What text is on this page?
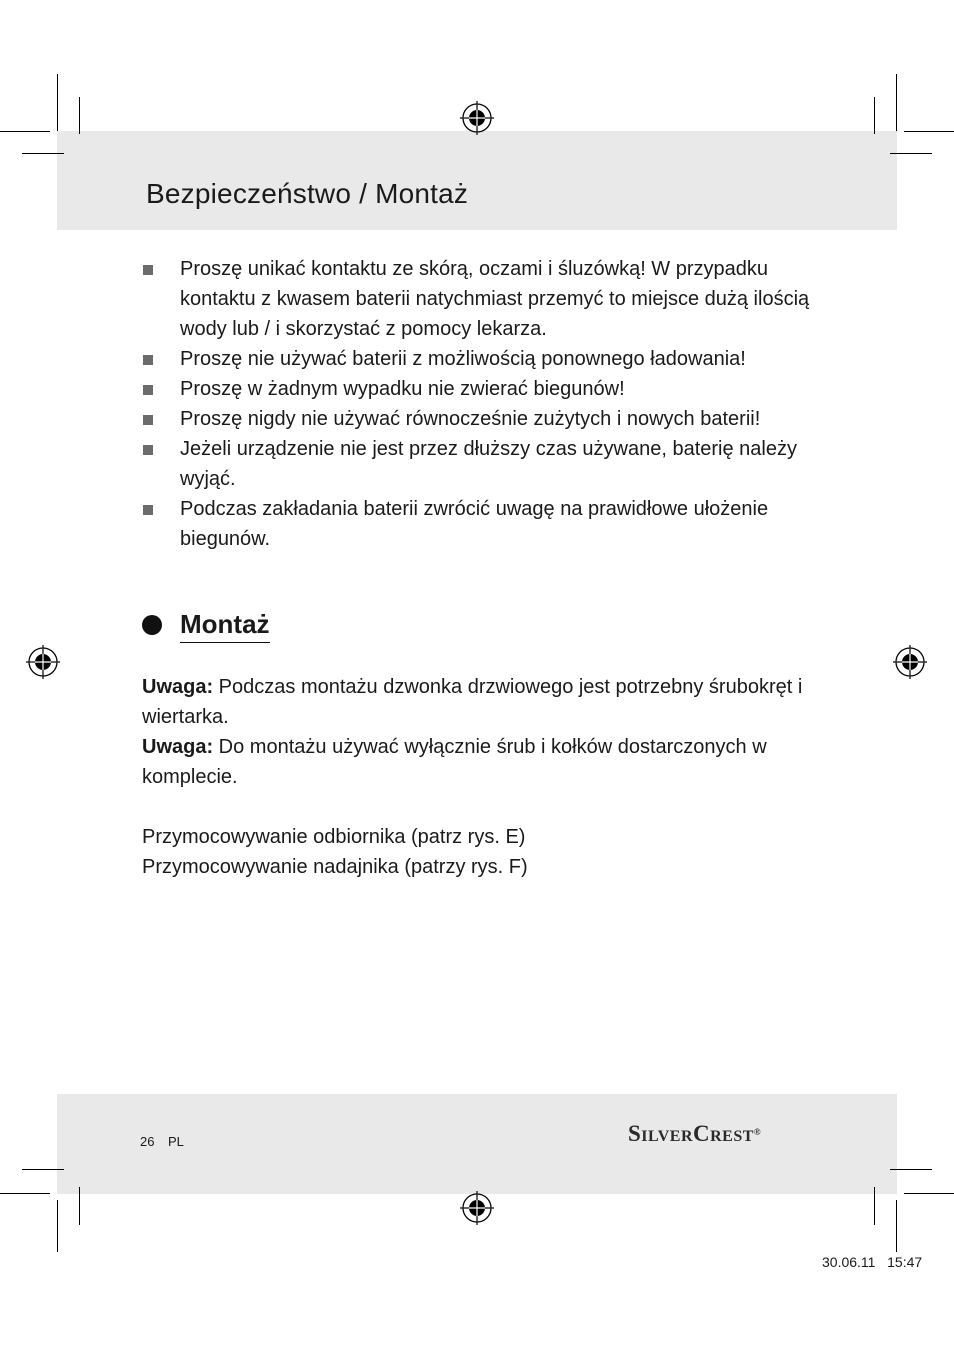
Bezpieczeństwo / Montaż
Proszę unikać kontaktu ze skórą, oczami i śluzówką! W przypadku kontaktu z kwasem baterii natychmiast przemyć to miejsce dużą ilością wody lub / i skorzystać z pomocy lekarza.
Proszę nie używać baterii z możliwością ponownego ładowania!
Proszę w żadnym wypadku nie zwierać biegunów!
Proszę nigdy nie używać równocześnie zużytych i nowych baterii!
Jeżeli urządzenie nie jest przez dłuższy czas używane, baterię należy wyjąć.
Podczas zakładania baterii zwrócić uwagę na prawidłowe ułożenie biegunów.
Montaż

Uwaga: Podczas montażu dzwonka drzwiowego jest potrzebny śrubokręt i wiertarka.

Uwaga: Do montażu używać wyłącznie śrub i kołków dostarczonych w komplecie.

Przymocowywanie odbiornika (patrz rys. E)

Przymocowywanie nadajnika (patrzy rys. F)

26 PL	SilverCrest®
30.06.11   15:47
